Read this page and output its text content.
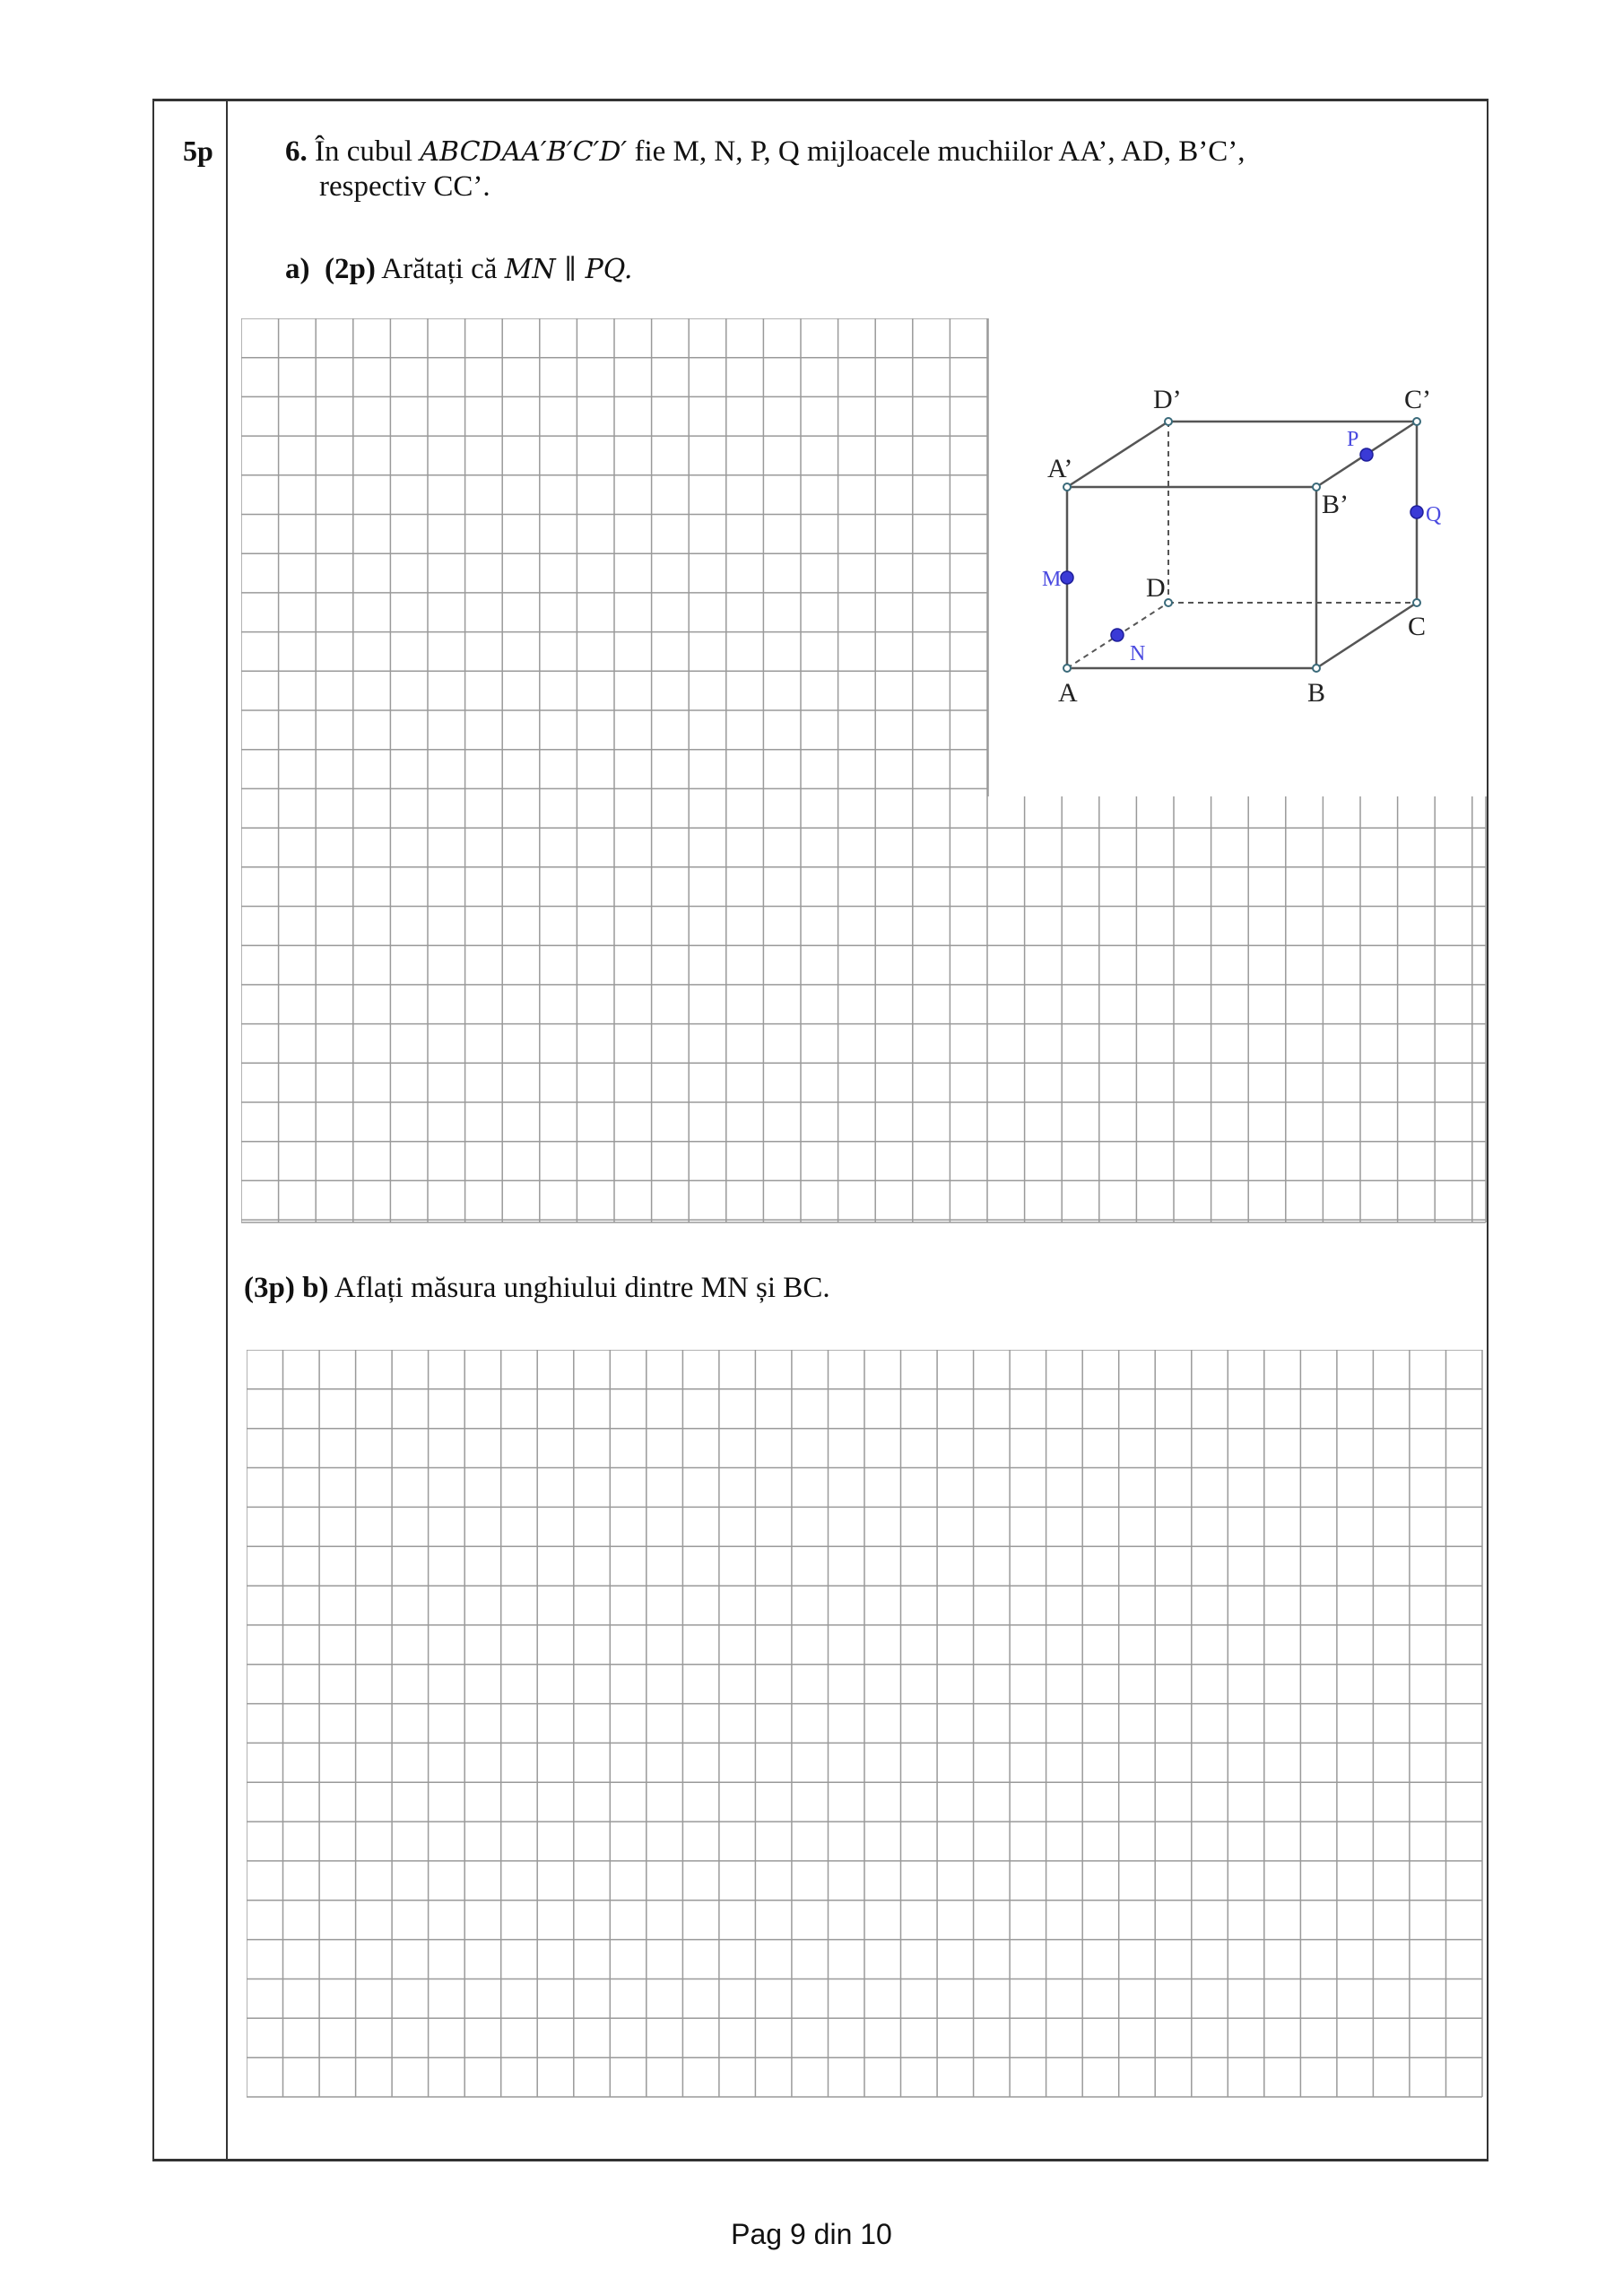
5p 6. În cubul ABCDAA′B′C′D′ fie M, N, P, Q mijloacele muchiilor AA’, AD, B’C’,
respectiv CC’.
a) (2p) Arătați că MN ∥ PQ.
A	B
C
D
A’
B’
C’
D’
M
N
P
Q
(3p) b) Aflați măsura unghiului dintre MN și BC.
Pag 9 din 10
